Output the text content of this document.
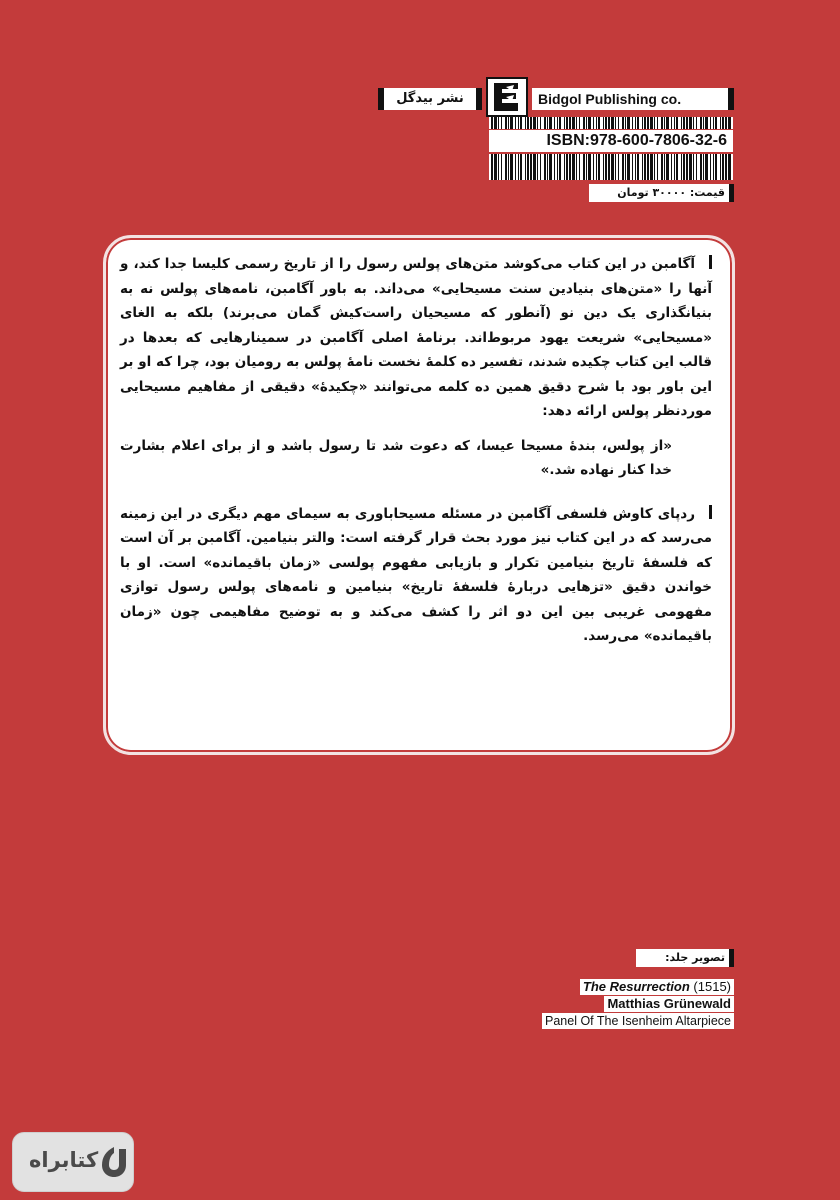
نشر بیدگل	Bidgol Publishing co.
ISBN:978-600-7806-32-6
قیمت: ۳۰۰۰۰ تومان

آگامبن در این کتاب می‌کوشد متن‌های پولس رسول را از تاریخ رسمی کلیسا جدا کند، و آنها را «متن‌های بنیادین سنت مسیحایی» می‌داند. به باور آگامبن، نامه‌های پولس نه به بنیانگذاری یک دین نو (آنطور که مسیحیان راست‌کیش گمان می‌برند) بلکه به الغای «مسیحایی» شریعت یهود مربوط‌اند. برنامهٔ اصلی آگامبن در سمینارهایی که بعدها در قالب این کتاب چکیده شدند، تفسیر ده کلمهٔ نخست نامهٔ پولس به رومیان بود، چرا که او بر این باور بود با شرح دقیق همین ده کلمه می‌توانند «چکیدهٔ» دقیقی از مفاهیم مسیحایی موردنظر پولس ارائه دهد:

«از پولس، بندهٔ مسیحا عیسا، که دعوت شد تا رسول باشد و از برای اعلام بشارت خدا کنار نهاده شد.»

ردپای کاوش فلسفی آگامبن در مسئله مسیحاباوری به سیمای مهم دیگری در این زمینه می‌رسد که در این کتاب نیز مورد بحث قرار گرفته است: والتر بنیامین. آگامبن بر آن است که فلسفهٔ تاریخ بنیامین تکرار و بازیابی مفهوم پولسی «زمان باقیمانده» است. او با خواندن دقیق «تزهایی دربارهٔ فلسفهٔ تاریخ» بنیامین و نامه‌های پولس رسول توازی مفهومی غریبی بین این دو اثر را کشف می‌کند و به توضیح مفاهیمی چون «زمان باقیمانده» می‌رسد.

تصویر جلد:
The Resurrection (1515)
Matthias Grünewald
Panel Of The Isenheim Altarpiece
کتابراه
